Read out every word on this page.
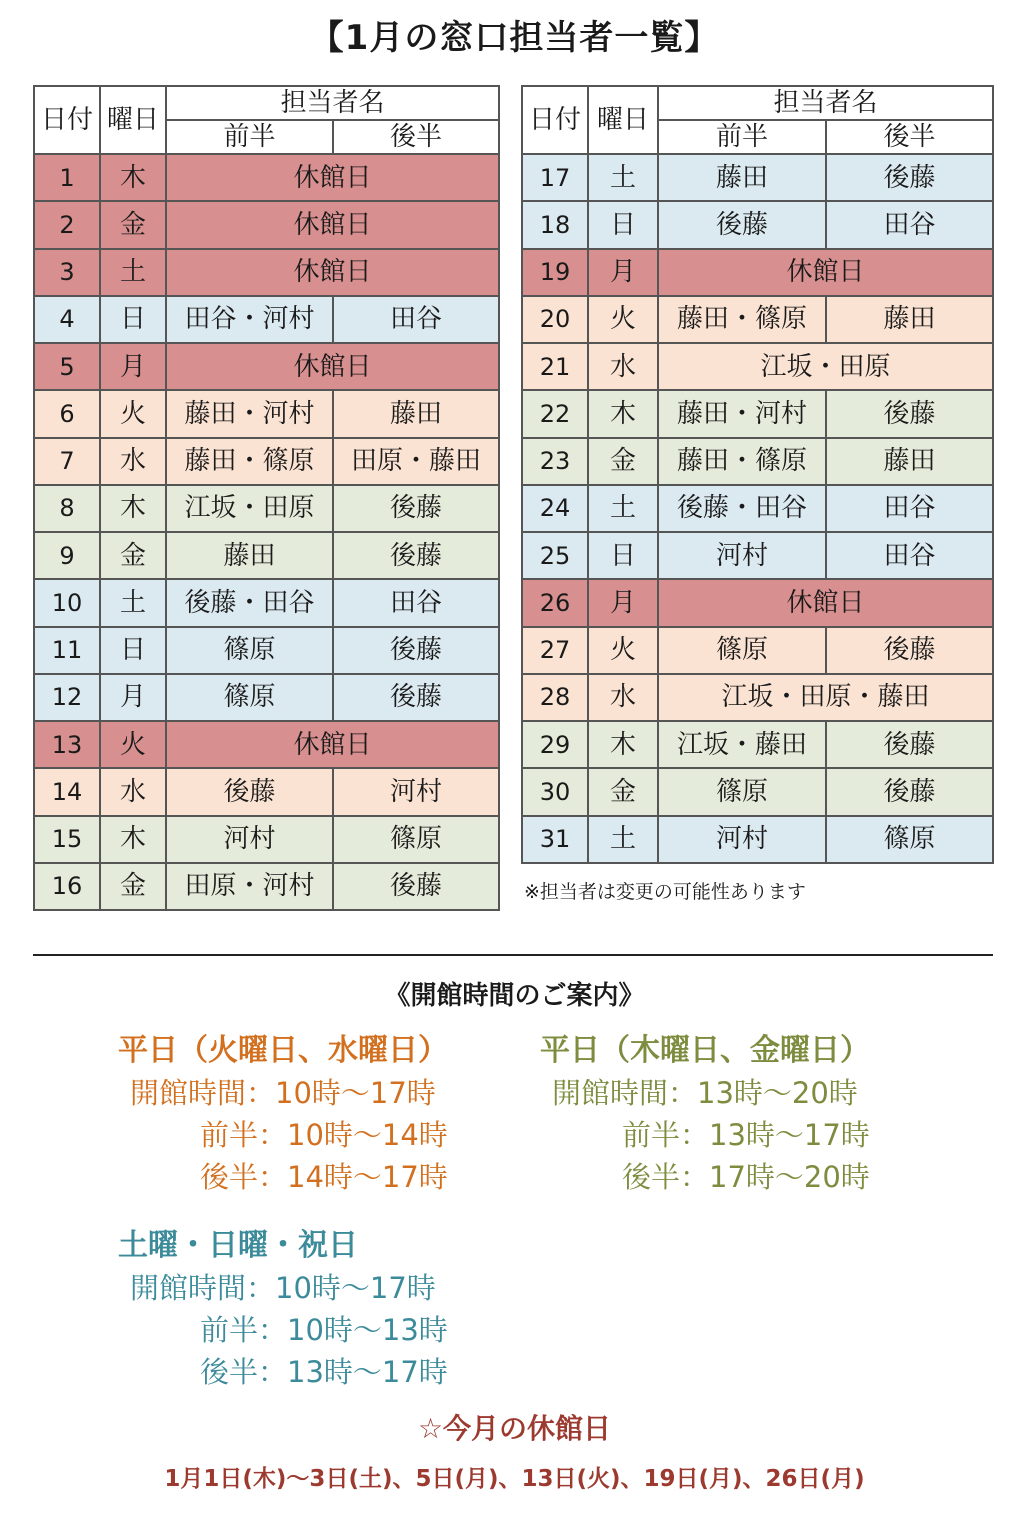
【1月の窓口担当者一覧】
日付	曜日	担当者名	
		前半	後半
1	木	休館日	
2	金	休館日	
3	土	休館日	
4	日	田谷・河村	田谷
5	月	休館日	
6	火	藤田・河村	藤田
7	水	藤田・篠原	田原・藤田
8	木	江坂・田原	後藤
9	金	藤田	後藤
10	土	後藤・田谷	田谷
11	日	篠原	後藤
12	月	篠原	後藤
13	火	休館日	
14	水	後藤	河村
15	木	河村	篠原
16	金	田原・河村	後藤
日付	曜日	担当者名	
		前半	後半
17	土	藤田	後藤
18	日	後藤	田谷
19	月	休館日	
20	火	藤田・篠原	藤田
21	水	江坂・田原	
22	木	藤田・河村	後藤
23	金	藤田・篠原	藤田
24	土	後藤・田谷	田谷
25	日	河村	田谷
26	月	休館日	
27	火	篠原	後藤
28	水	江坂・田原・藤田	
29	木	江坂・藤田	後藤
30	金	篠原	後藤
31	土	河村	篠原
※担当者は変更の可能性あります
《開館時間のご案内》
平日（火曜日、水曜日）
開館時間：10時～17時
前半：10時～14時
後半：14時～17時
平日（木曜日、金曜日）
開館時間：13時～20時
前半：13時～17時
後半：17時～20時
土曜・日曜・祝日
開館時間：10時～17時
前半：10時～13時
後半：13時～17時
☆今月の休館日
1月1日(木)～3日(土)、5日(月)、13日(火)、19日(月)、26日(月)
